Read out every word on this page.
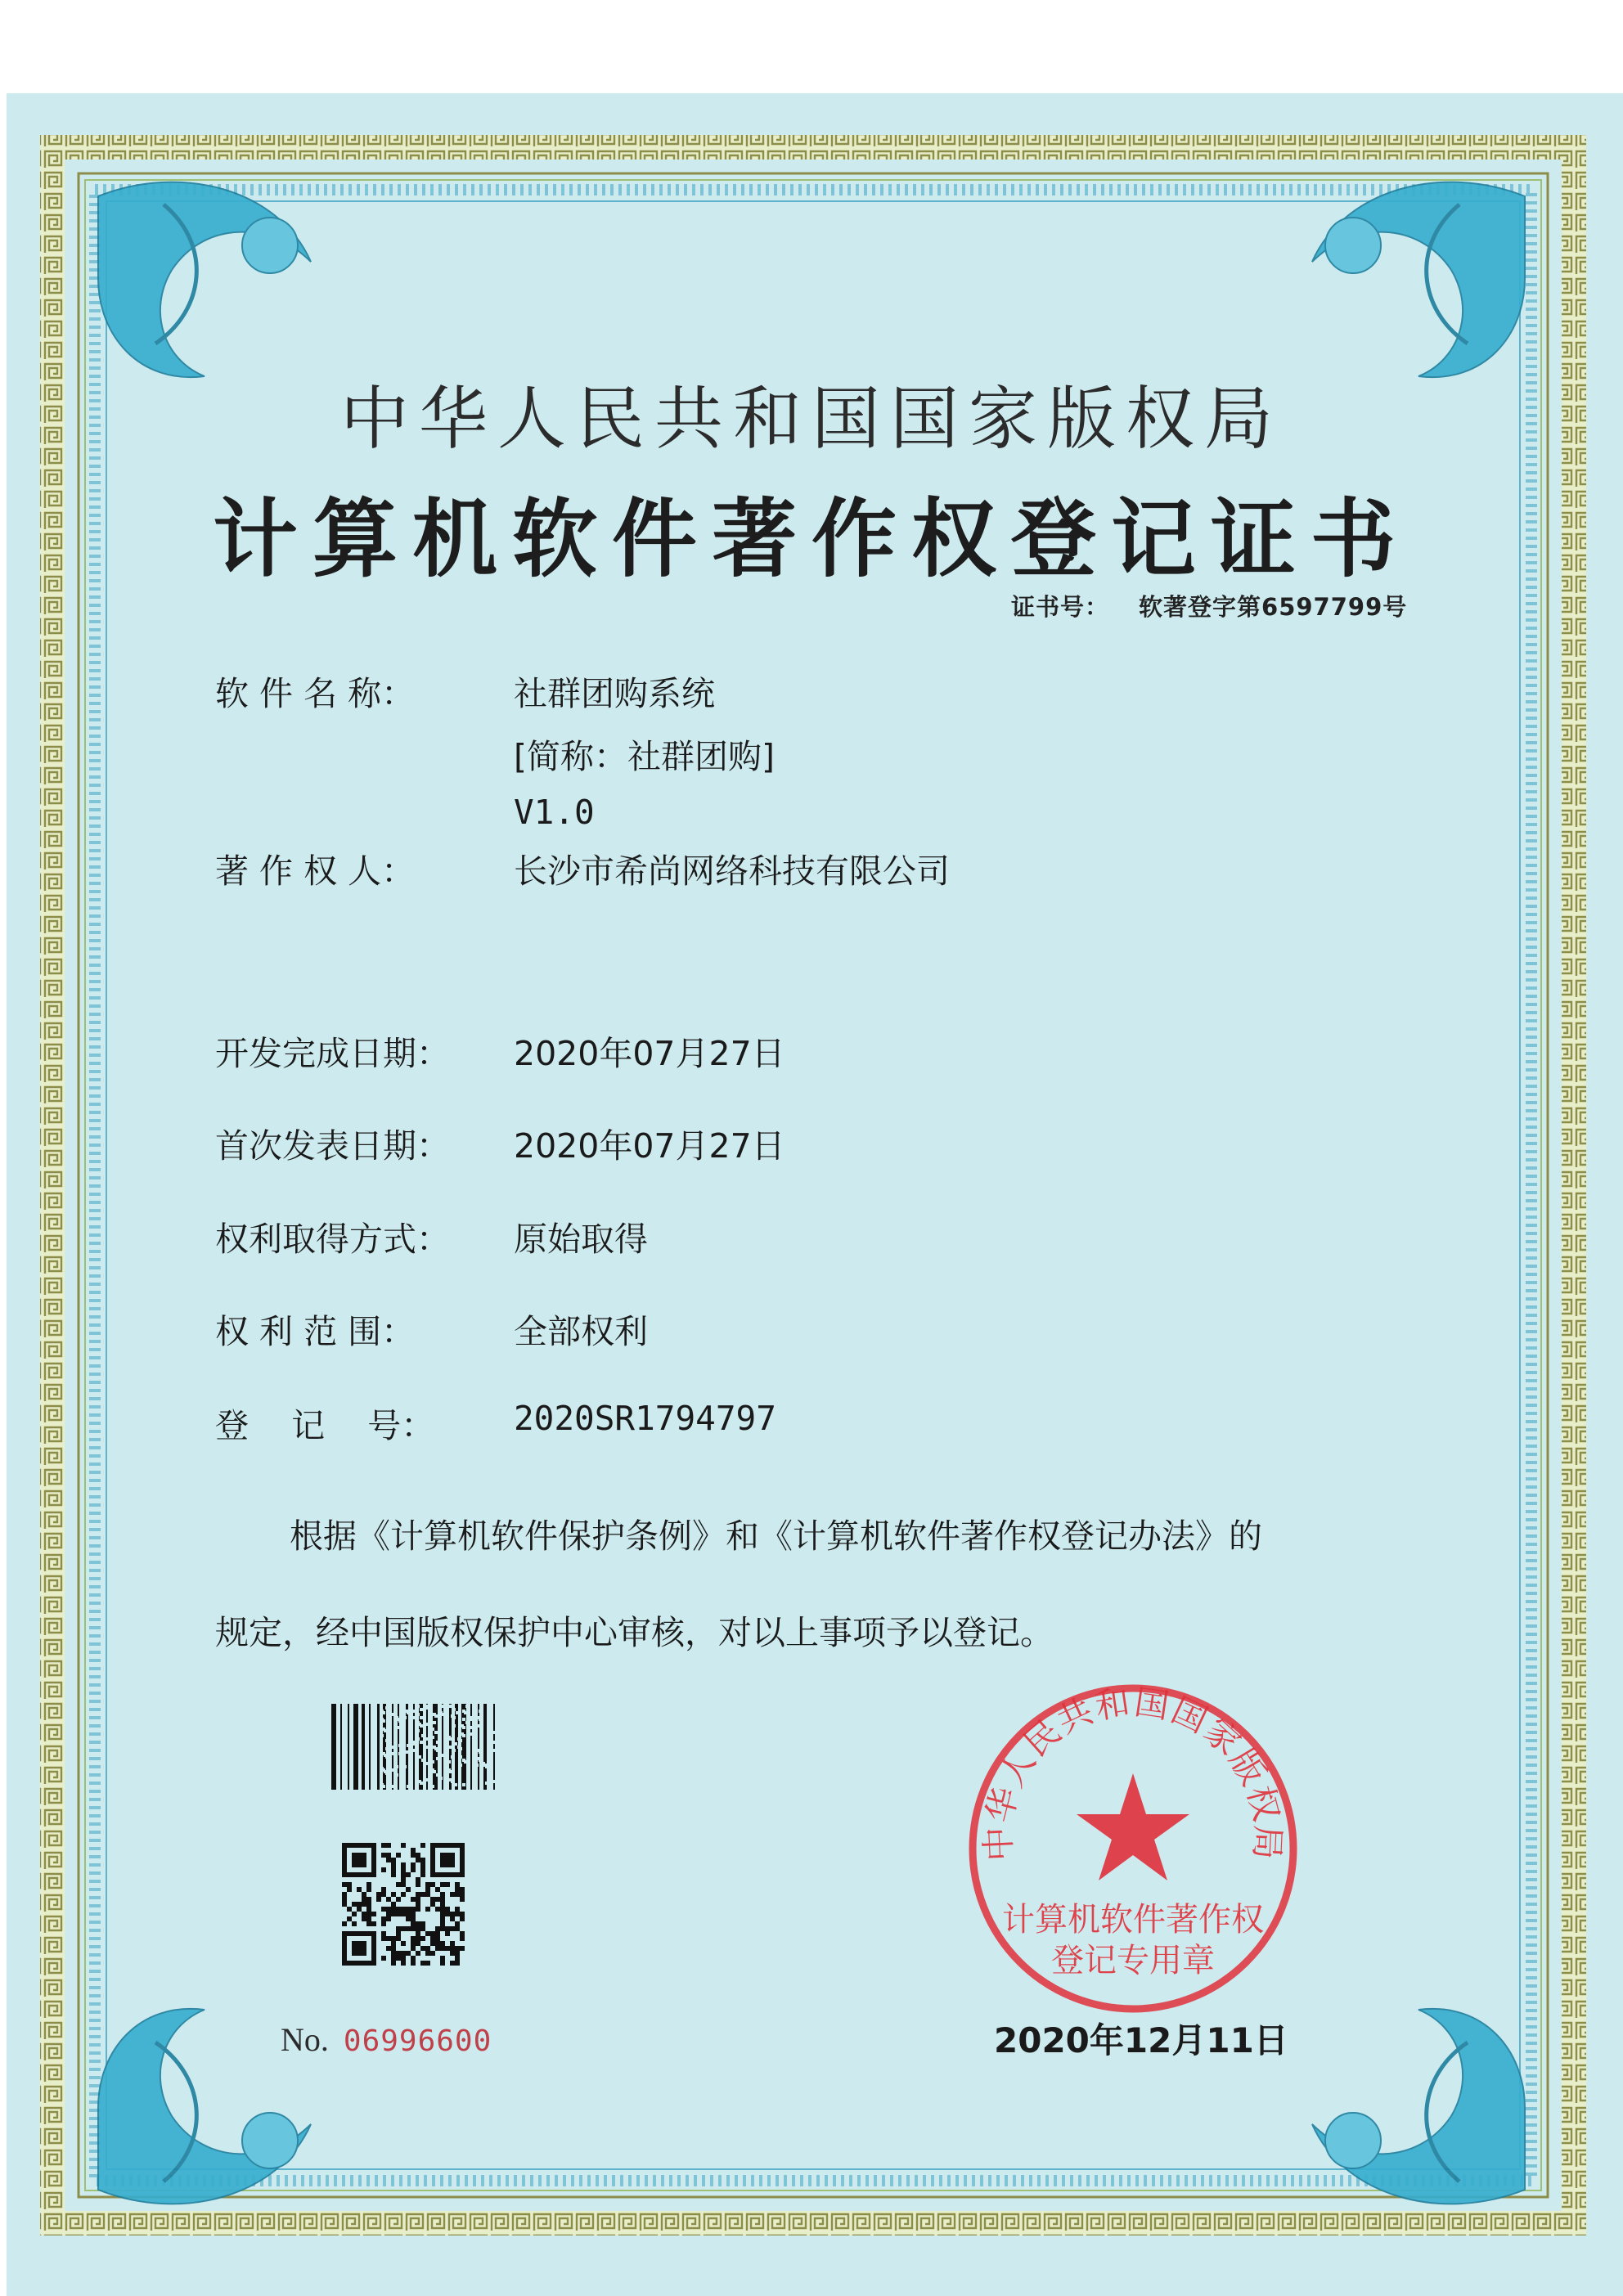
中华人民共和国国家版权局
计算机软件著作权登记证书
证书号： 软著登字第6597799号
软 件 名 称：	社群团购系统
[简称：社群团购]
V1.0
著 作 权 人：	长沙市希尚网络科技有限公司
开发完成日期：	2020年07月27日
首次发表日期：	2020年07月27日
权利取得方式：	原始取得
权 利 范 围：	全部权利
登    记    号：	2020SR1794797
根据《计算机软件保护条例》和《计算机软件著作权登记办法》的
规定，经中国版权保护中心审核，对以上事项予以登记。
No. 06996600
中华人民共和国国家版权局
计算机软件著作权
登记专用章
2020年12月11日
